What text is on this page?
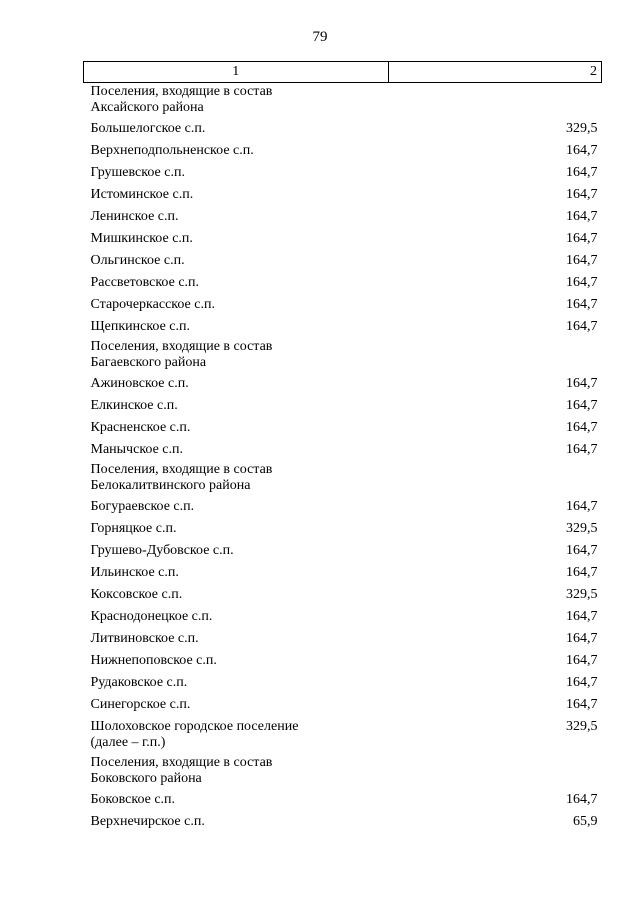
79
1	2
Поселения, входящие в состав
Аксайского района	
Большелогское с.п.	329,5
Верхнеподпольненское с.п.	164,7
Грушевское с.п.	164,7
Истоминское с.п.	164,7
Ленинское с.п.	164,7
Мишкинское с.п.	164,7
Ольгинское с.п.	164,7
Рассветовское с.п.	164,7
Старочеркасское с.п.	164,7
Щепкинское с.п.	164,7
Поселения, входящие в состав
Багаевского района	
Ажиновское с.п.	164,7
Елкинское с.п.	164,7
Красненское с.п.	164,7
Манычское с.п.	164,7
Поселения, входящие в состав
Белокалитвинского района	
Богураевское с.п.	164,7
Горняцкое с.п.	329,5
Грушево-Дубовское с.п.	164,7
Ильинское с.п.	164,7
Коксовское с.п.	329,5
Краснодонецкое с.п.	164,7
Литвиновское с.п.	164,7
Нижнепоповское с.п.	164,7
Рудаковское с.п.	164,7
Синегорское с.п.	164,7
Шолоховское городское поселение
(далее – г.п.)	329,5
Поселения, входящие в состав
Боковского района	
Боковское с.п.	164,7
Верхнечирское с.п.	65,9
